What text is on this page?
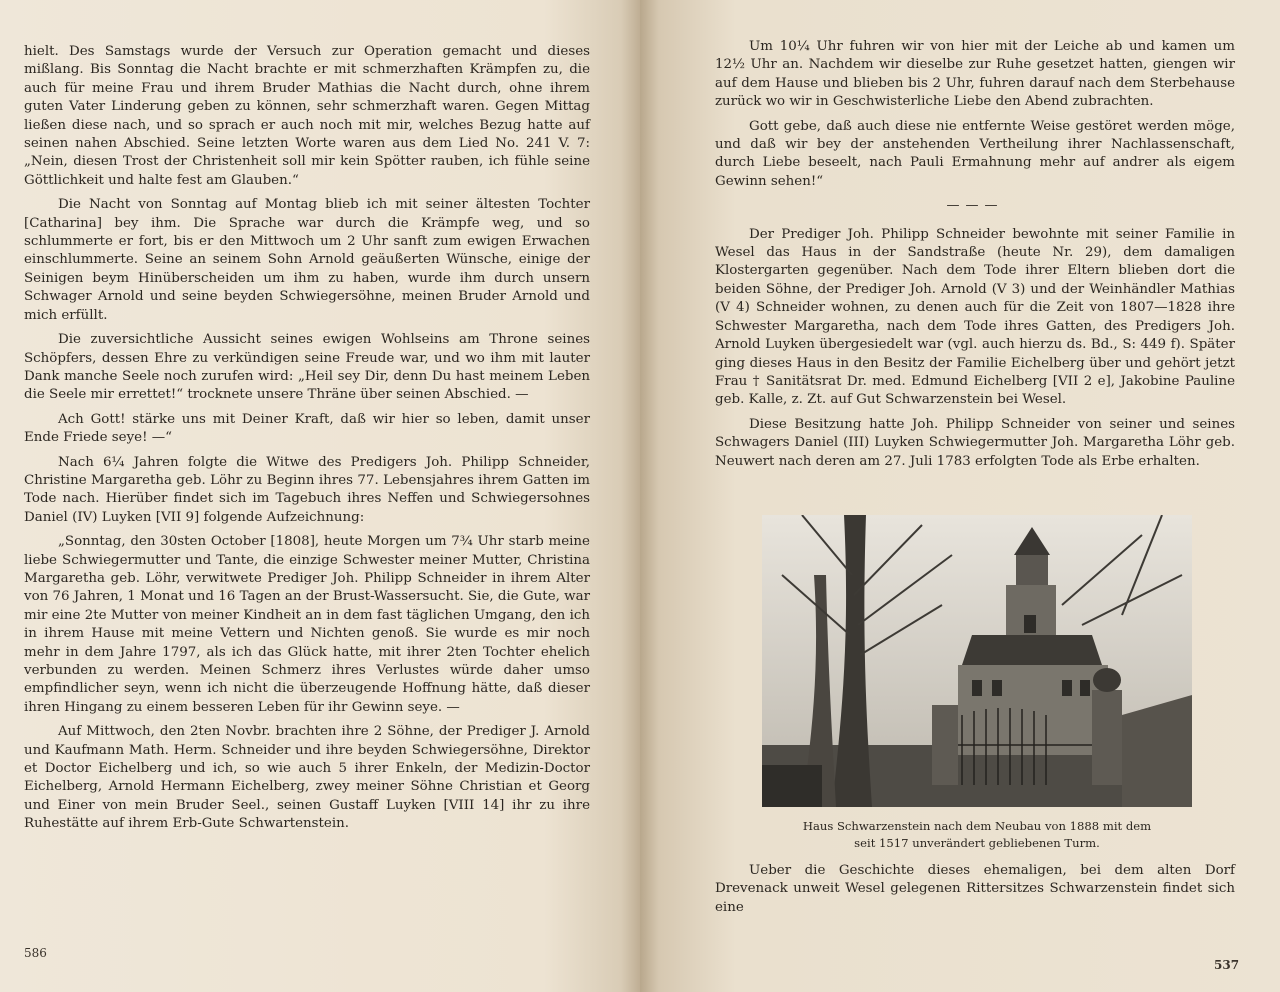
hielt. Des Samstags wurde der Versuch zur Operation gemacht und dieses mißlang. Bis Sonntag die Nacht brachte er mit schmerzhaften Krämpfen zu, die auch für meine Frau und ihrem Bruder Mathias die Nacht durch, ohne ihrem guten Vater Linderung geben zu können, sehr schmerzhaft waren. Gegen Mittag ließen diese nach, und so sprach er auch noch mit mir, welches Bezug hatte auf seinen nahen Abschied. Seine letzten Worte waren aus dem Lied No. 241 V. 7: „Nein, diesen Trost der Christenheit soll mir kein Spötter rauben, ich fühle seine Göttlichkeit und halte fest am Glauben.“

Die Nacht von Sonntag auf Montag blieb ich mit seiner ältesten Tochter [Catharina] bey ihm. Die Sprache war durch die Krämpfe weg, und so schlummerte er fort, bis er den Mittwoch um 2 Uhr sanft zum ewigen Erwachen einschlummerte. Seine an seinem Sohn Arnold geäußerten Wünsche, einige der Seinigen beym Hinüberscheiden um ihm zu haben, wurde ihm durch unsern Schwager Arnold und seine beyden Schwiegersöhne, meinen Bruder Arnold und mich erfüllt.

Die zuversichtliche Aussicht seines ewigen Wohlseins am Throne seines Schöpfers, dessen Ehre zu verkündigen seine Freude war, und wo ihm mit lauter Dank manche Seele noch zurufen wird: „Heil sey Dir, denn Du hast meinem Leben die Seele mir errettet!“ trocknete unsere Thräne über seinen Abschied. —

Ach Gott! stärke uns mit Deiner Kraft, daß wir hier so leben, damit unser Ende Friede seye! —“

Nach 6¼ Jahren folgte die Witwe des Predigers Joh. Philipp Schneider, Christine Margaretha geb. Löhr zu Beginn ihres 77. Lebensjahres ihrem Gatten im Tode nach. Hierüber findet sich im Tagebuch ihres Neffen und Schwiegersohnes Daniel (IV) Luyken [VII 9] folgende Aufzeichnung:

„Sonntag, den 30sten October [1808], heute Morgen um 7¾ Uhr starb meine liebe Schwiegermutter und Tante, die einzige Schwester meiner Mutter, Christina Margaretha geb. Löhr, verwitwete Prediger Joh. Philipp Schneider in ihrem Alter von 76 Jahren, 1 Monat und 16 Tagen an der Brust-Wassersucht. Sie, die Gute, war mir eine 2te Mutter von meiner Kindheit an in dem fast täglichen Umgang, den ich in ihrem Hause mit meine Vettern und Nichten genoß. Sie wurde es mir noch mehr in dem Jahre 1797, als ich das Glück hatte, mit ihrer 2ten Tochter ehelich verbunden zu werden. Meinen Schmerz ihres Verlustes würde daher umso empfindlicher seyn, wenn ich nicht die überzeugende Hoffnung hätte, daß dieser ihren Hingang zu einem besseren Leben für ihr Gewinn seye. —

Auf Mittwoch, den 2ten Novbr. brachten ihre 2 Söhne, der Prediger J. Arnold und Kaufmann Math. Herm. Schneider und ihre beyden Schwiegersöhne, Direktor et Doctor Eichelberg und ich, so wie auch 5 ihrer Enkeln, der Medizin-Doctor Eichelberg, Arnold Hermann Eichelberg, zwey meiner Söhne Christian et Georg und Einer von mein Bruder Seel., seinen Gustaff Luyken [VIII 14] ihr zu ihre Ruhestätte auf ihrem Erb-Gute Schwartenstein.

586

Um 10¼ Uhr fuhren wir von hier mit der Leiche ab und kamen um 12½ Uhr an. Nachdem wir dieselbe zur Ruhe gesetzet hatten, giengen wir auf dem Hause und blieben bis 2 Uhr, fuhren darauf nach dem Sterbehause zurück wo wir in Geschwisterliche Liebe den Abend zubrachten.

Gott gebe, daß auch diese nie entfernte Weise gestöret werden möge, und daß wir bey der anstehenden Vertheilung ihrer Nachlassenschaft, durch Liebe beseelt, nach Pauli Ermahnung mehr auf andrer als eigem Gewinn sehen!“

———

Der Prediger Joh. Philipp Schneider bewohnte mit seiner Familie in Wesel das Haus in der Sandstraße (heute Nr. 29), dem damaligen Klostergarten gegenüber. Nach dem Tode ihrer Eltern blieben dort die beiden Söhne, der Prediger Joh. Arnold (V 3) und der Weinhändler Mathias (V 4) Schneider wohnen, zu denen auch für die Zeit von 1807—1828 ihre Schwester Margaretha, nach dem Tode ihres Gatten, des Predigers Joh. Arnold Luyken übergesiedelt war (vgl. auch hierzu ds. Bd., S: 449 f). Später ging dieses Haus in den Besitz der Familie Eichelberg über und gehört jetzt Frau † Sanitätsrat Dr. med. Edmund Eichelberg [VII 2 e], Jakobine Pauline geb. Kalle, z. Zt. auf Gut Schwarzenstein bei Wesel.

Diese Besitzung hatte Joh. Philipp Schneider von seiner und seines Schwagers Daniel (III) Luyken Schwiegermutter Joh. Margaretha Löhr geb. Neuwert nach deren am 27. Juli 1783 erfolgten Tode als Erbe erhalten.

Haus Schwarzenstein nach dem Neubau von 1888 mit dem
seit 1517 unverändert gebliebenen Turm.
Ueber die Geschichte dieses ehemaligen, bei dem alten Dorf Drevenack unweit Wesel gelegenen Rittersitzes Schwarzenstein findet sich eine
537
